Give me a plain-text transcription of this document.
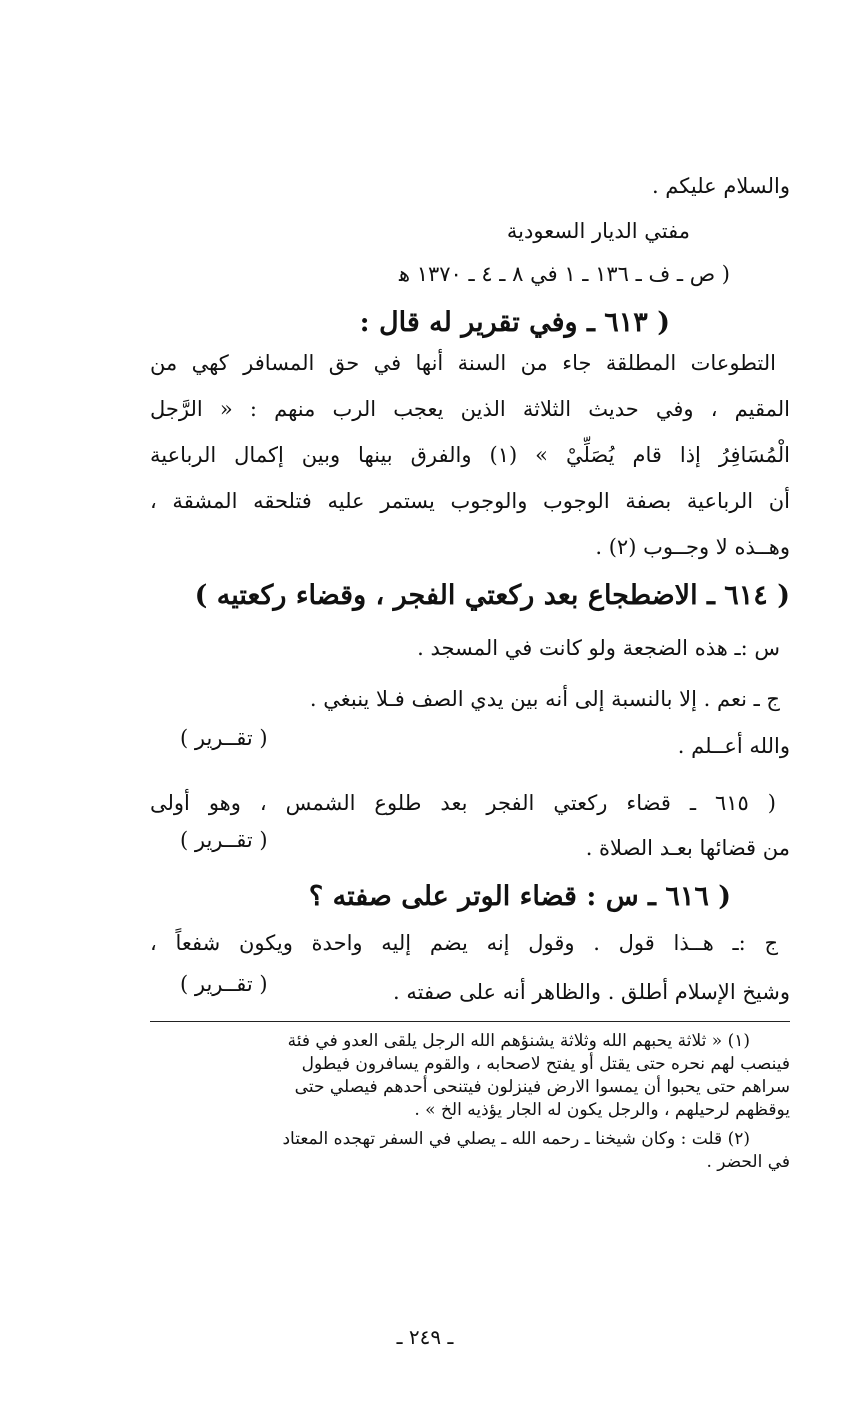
والسلام عليكم .
مفتي الديار السعودية
( ص ـ ف ـ ١٣٦ ـ ١ في ٨ ـ ٤ ـ ١٣٧٠ ﻫ
( ٦١٣ ـ وفي تقرير له قال :
التطوعات المطلقة جاء من السنة أنها في حق المسافر كهي من
المقيم ، وفي حديث الثلاثة الذين يعجب الرب منهم : « الرَّجل
الْمُسَافِرُ إذا قام يُصَلِّيْ » (١) والفرق بينها وبين إكمال الرباعية
أن الرباعية بصفة الوجوب والوجوب يستمر عليه فتلحقه المشقة ،
وهــذه لا وجــوب (٢) .
( ٦١٤ ـ الاضطجاع بعد ركعتي الفجر ، وقضاء ركعتيه )
س :ـ هذه الضجعة ولو كانت في المسجد .
ج ـ نعم . إلا بالنسبة إلى أنه بين يدي الصف فـلا ينبغي .
والله أعــلم .
( تقــرير )
( ٦١٥ ـ قضاء ركعتي الفجر بعد طلوع الشمس ، وهو أولى
من قضائها بعـد الصلاة .
( تقــرير )
( ٦١٦ ـ س : قضاء الوتر على صفته ؟
ج :ـ هــذا قول . وقول إنه يضم إليه واحدة ويكون شفعاً ،
وشيخ الإسلام أطلق . والظاهر أنه على صفته .
( تقــرير )
(١) « ثلاثة يحبهم الله وثلاثة يشنؤهم الله الرجل يلقى العدو في فئة
فينصب لهم نحره حتى يقتل أو يفتح لاصحابه ، والقوم يسافرون فيطول
سراهم حتى يحبوا أن يمسوا الارض فينزلون فيتنحى أحدهم فيصلي حتى
يوقظهم لرحيلهم ، والرجل يكون له الجار يؤذيه الخ » .
(٢) قلت : وكان شيخنا ـ رحمه الله ـ يصلي في السفر تهجده المعتاد
في الحضر .
ـ ٢٤٩ ـ
